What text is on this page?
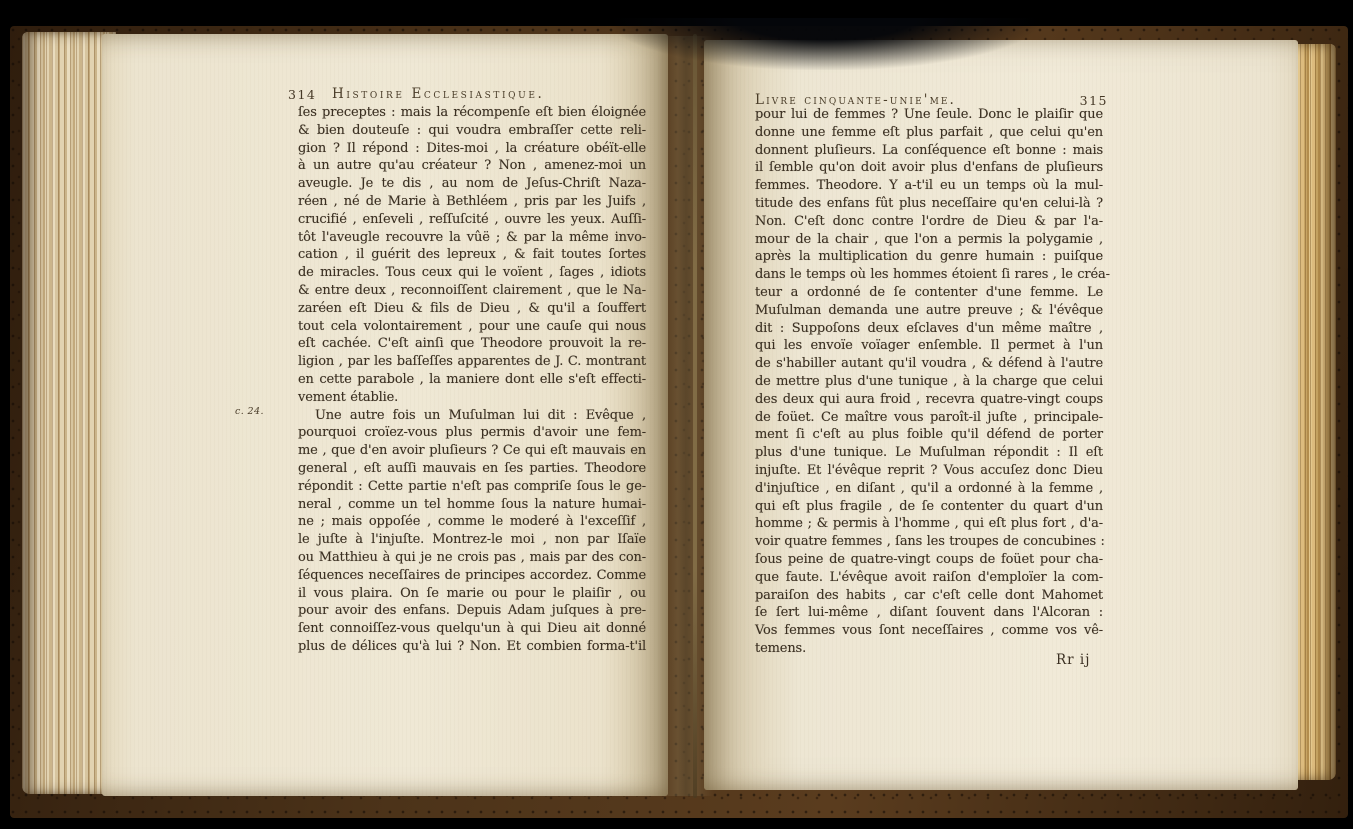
314 Histoire Ecclesiastique.
c. 24.
ſes preceptes : mais la récompenſe eſt bien éloignée
& bien douteuſe : qui voudra embraſſer cette reli-
gion ? Il répond : Dites-moi , la créature obéït-elle
à un autre qu'au créateur ? Non , amenez-moi un
aveugle. Je te dis , au nom de Jeſus-Chriſt Naza-
réen , né de Marie à Bethléem , pris par les Juifs ,
crucifié , enſeveli , reſſuſcité , ouvre les yeux. Auſſi-
tôt l'aveugle recouvre la vûë ; & par la même invo-
cation , il guérit des lepreux , & fait toutes ſortes
de miracles. Tous ceux qui le voïent , ſages , idiots
& entre deux , reconnoiſſent clairement , que le Na-
zaréen eſt Dieu & fils de Dieu , & qu'il a ſouffert
tout cela volontairement , pour une cauſe qui nous
eſt cachée. C'eſt ainſi que Theodore prouvoit la re-
ligion , par les baſſeſſes apparentes de J. C. montrant
en cette parabole , la maniere dont elle s'eſt effecti-
vement établie.
Une autre fois un Muſulman lui dit : Evêque ,
pourquoi croïez-vous plus permis d'avoir une fem-
me , que d'en avoir pluſieurs ? Ce qui eſt mauvais en
general , eſt auſſi mauvais en ſes parties. Theodore
répondit : Cette partie n'eſt pas compriſe ſous le ge-
neral , comme un tel homme ſous la nature humai-
ne ; mais oppoſée , comme le moderé à l'exceſſif ,
le juſte à l'injuſte. Montrez-le moi , non par Iſaïe
ou Matthieu à qui je ne crois pas , mais par des con-
ſéquences neceſſaires de principes accordez. Comme
il vous plaira. On ſe marie ou pour le plaiſir , ou
pour avoir des enfans. Depuis Adam juſques à pre-
ſent connoiſſez-vous quelqu'un à qui Dieu ait donné
plus de délices qu'à lui ? Non. Et combien forma-t'il
Livre cinquante-unie'me.	315
pour lui de femmes ? Une ſeule. Donc le plaiſir que
donne une femme eſt plus parfait , que celui qu'en
donnent pluſieurs. La conſéquence eſt bonne : mais
il ſemble qu'on doit avoir plus d'enfans de pluſieurs
femmes. Theodore. Y a-t'il eu un temps où la mul-
titude des enfans fût plus neceſſaire qu'en celui-là ?
Non. C'eſt donc contre l'ordre de Dieu & par l'a-
mour de la chair , que l'on a permis la polygamie ,
après la multiplication du genre humain : puiſque
dans le temps où les hommes étoient ſi rares , le créa-
teur a ordonné de ſe contenter d'une femme. Le
Muſulman demanda une autre preuve ; & l'évêque
dit : Suppoſons deux eſclaves d'un même maître ,
qui les envoïe voïager enſemble. Il permet à l'un
de s'habiller autant qu'il voudra , & défend à l'autre
de mettre plus d'une tunique , à la charge que celui
des deux qui aura froid , recevra quatre-vingt coups
de foüet. Ce maître vous paroît-il juſte , principale-
ment ſi c'eſt au plus foible qu'il défend de porter
plus d'une tunique. Le Muſulman répondit : Il eſt
injuſte. Et l'évêque reprit ? Vous accuſez donc Dieu
d'injuſtice , en diſant , qu'il a ordonné à la femme ,
qui eſt plus fragile , de ſe contenter du quart d'un
homme ; & permis à l'homme , qui eſt plus fort , d'a-
voir quatre femmes , ſans les troupes de concubines :
ſous peine de quatre-vingt coups de foüet pour cha-
que faute. L'évêque avoit raiſon d'emploïer la com-
paraiſon des habits , car c'eſt celle dont Mahomet
ſe ſert lui-même , diſant ſouvent dans l'Alcoran :
Vos femmes vous ſont neceſſaires , comme vos vê-
temens.
Rr ij
